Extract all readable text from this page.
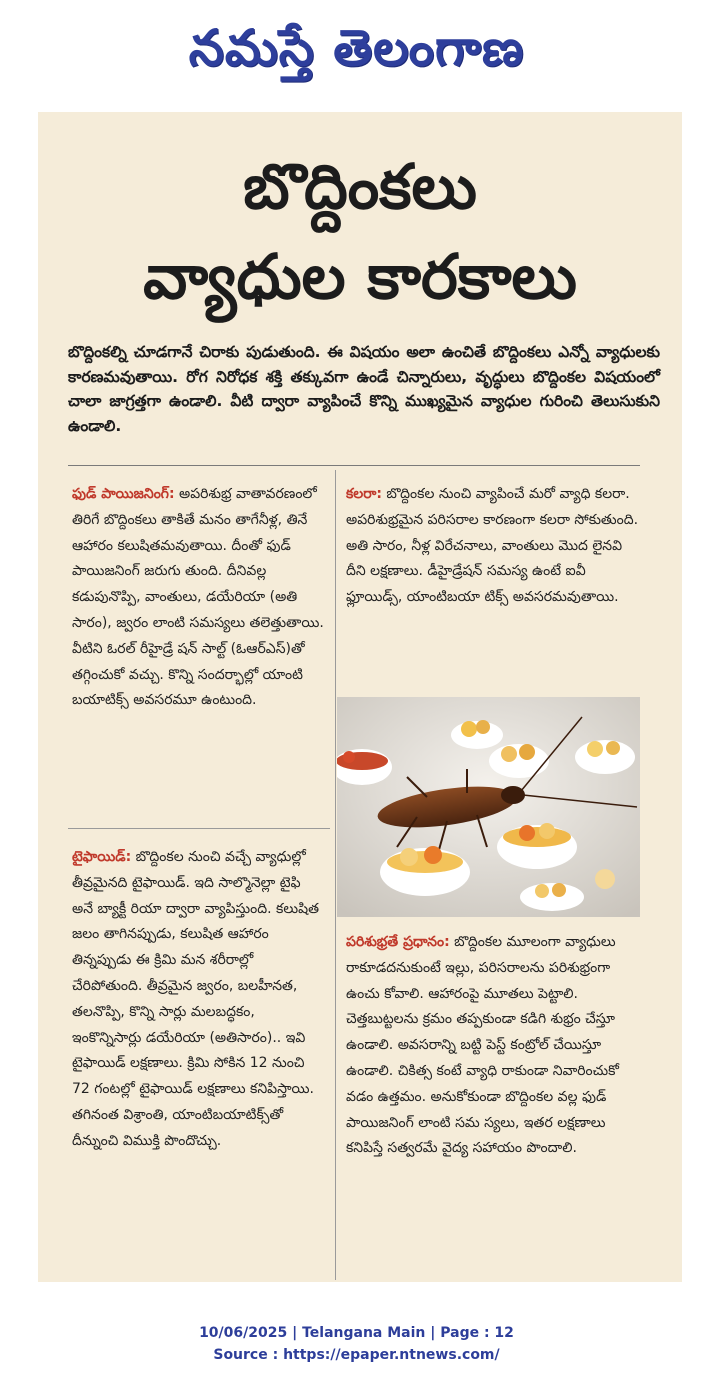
నమస్తే తెలంగాణ
బొద్దింకలు
వ్యాధుల కారకాలు
బొద్దింకల్ని చూడగానే చిరాకు పుడుతుంది. ఈ విషయం అలా ఉంచితే బొద్దింకలు ఎన్నో వ్యాధులకు కారణమవుతాయి. రోగ నిరోధక శక్తి తక్కువగా ఉండే చిన్నారులు, వృద్ధులు బొద్దింకల విషయంలో చాలా జాగ్రత్తగా ఉండాలి. వీటి ద్వారా వ్యాపించే కొన్ని ముఖ్యమైన వ్యాధుల గురించి తెలుసుకుని ఉండాలి.
ఫుడ్ పాయిజనింగ్: అపరిశుభ్ర వాతావరణంలో తిరిగే బొద్దింకలు తాకితే మనం తాగేనీళ్ల, తినే ఆహారం కలుషితమవుతాయి. దీంతో ఫుడ్ పాయిజనింగ్ జరుగు తుంది. దీనివల్ల కడుపునొప్పి, వాంతులు, డయేరియా (అతి సారం), జ్వరం లాంటి సమస్యలు తలెత్తుతాయి. వీటిని ఓరల్ రీహైడ్రే షన్ సాల్ట్ (ఓఆర్ఎస్)తో తగ్గించుకో వచ్చు. కొన్ని సందర్భాల్లో యాంటి బయాటిక్స్ అవసరమూ ఉంటుంది.
టైఫాయిడ్: బొద్దింకల నుంచి వచ్చే వ్యాధుల్లో తీవ్రమైనది టైఫాయిడ్. ఇది సాల్మొనెల్లా టైఫి అనే బ్యాక్టీ రియా ద్వారా వ్యాపిస్తుంది. కలుషిత జలం తాగినప్పుడు, కలుషిత ఆహారం తిన్నప్పుడు ఈ క్రిమి మన శరీరాల్లో చేరిపోతుంది. తీవ్రమైన జ్వరం, బలహీనత, తలనొప్పి, కొన్ని సార్లు మలబద్ధకం, ఇంకొన్నిసార్లు డయేరియా (అతిసారం).. ఇవి టైఫాయిడ్ లక్షణాలు. క్రిమి సోకిన 12 నుంచి 72 గంటల్లో టైఫాయిడ్ లక్షణాలు కనిపిస్తాయి. తగినంత విశ్రాంతి, యాంటిబయాటిక్స్‌తో దీన్నుంచి విముక్తి పొందొచ్చు.
కలరా: బొద్దింకల నుంచి వ్యాపించే మరో వ్యాధి కలరా. అపరిశుభ్రమైన పరిసరాల కారణంగా కలరా సోకుతుంది. అతి సారం, నీళ్ల విరేచనాలు, వాంతులు మొద లైనవి దీని లక్షణాలు. డీహైడ్రేషన్ సమస్య ఉంటే ఐవీ ఫ్లూయిడ్స్, యాంటిబయా టిక్స్ అవసరమవుతాయి.
పరిశుభ్రతే ప్రధానం: బొద్దింకల మూలంగా వ్యాధులు రాకూడదనుకుంటే ఇల్లు, పరిసరాలను పరిశుభ్రంగా ఉంచు కోవాలి. ఆహారంపై మూతలు పెట్టాలి. చెత్తబుట్టలను క్రమం తప్పకుండా కడిగి శుభ్రం చేస్తూ ఉండాలి. అవసరాన్ని బట్టి పెస్ట్ కంట్రోల్ చేయిస్తూ ఉండాలి. చికిత్స కంటే వ్యాధి రాకుండా నివారించుకో వడం ఉత్తమం. అనుకోకుండా బొద్దింకల వల్ల ఫుడ్ పాయిజనింగ్ లాంటి సమ స్యలు, ఇతర లక్షణాలు కనిపిస్తే సత్వరమే వైద్య సహాయం పొందాలి.
10/06/2025 | Telangana Main | Page : 12
Source : https://epaper.ntnews.com/
